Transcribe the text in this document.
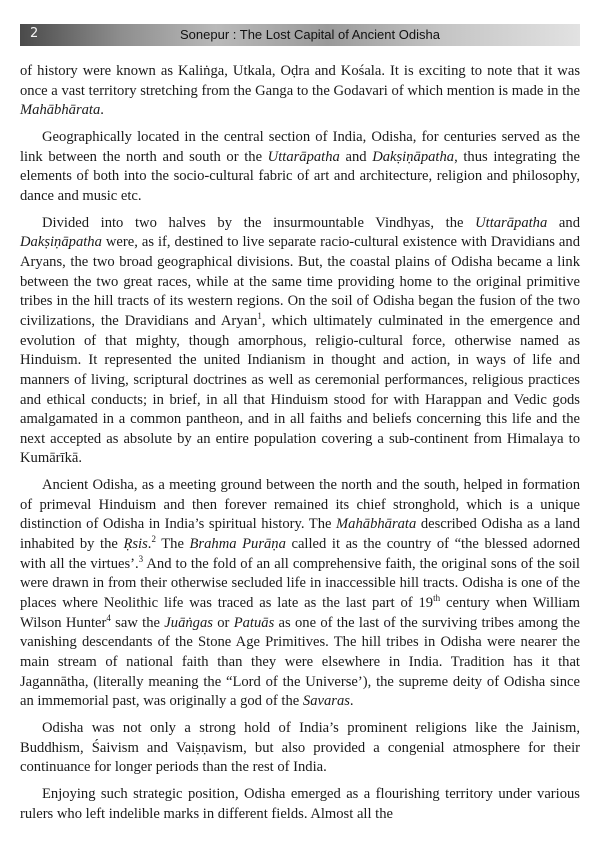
2	Sonepur : The Lost Capital of Ancient Odisha

of history were known as Kaliṅga, Utkala, Oḍra and Kośala. It is exciting to note that it was once a vast territory stretching from the Ganga to the Godavari of which mention is made in the Mahābhārata.

Geographically located in the central section of India, Odisha, for centuries served as the link between the north and south or the Uttarāpatha and Dakṣiṇāpatha, thus integrating the elements of both into the socio-cultural fabric of art and architecture, religion and philosophy, dance and music etc.

Divided into two halves by the insurmountable Vindhyas, the Uttarāpatha and Dakṣiṇāpatha were, as if, destined to live separate racio-cultural existence with Dravidians and Aryans, the two broad geographical divisions. But, the coastal plains of Odisha became a link between the two great races, while at the same time providing home to the original primitive tribes in the hill tracts of its western regions. On the soil of Odisha began the fusion of the two civilizations, the Dravidians and Aryan$^1$, which ultimately culminated in the emergence and evolution of that mighty, though amorphous, religio-cultural force, otherwise named as Hinduism. It represented the united Indianism in thought and action, in ways of life and manners of living, scriptural doctrines as well as ceremonial performances, religious practices and ethical conducts; in brief, in all that Hinduism stood for with Harappan and Vedic gods amalgamated in a common pantheon, and in all faiths and beliefs concerning this life and the next accepted as absolute by an entire population covering a sub-continent from Himalaya to Kumārīkā.

Ancient Odisha, as a meeting ground between the north and the south, helped in formation of primeval Hinduism and then forever remained its chief stronghold, which is a unique distinction of Odisha in India’s spiritual history. The Mahābhārata described Odisha as a land inhabited by the Ṛsis.$^2$ The Brahma Purāṇa called it as the country of “the blessed adorned with all the virtues’.$^3$ And to the fold of an all comprehensive faith, the original sons of the soil were drawn in from their otherwise secluded life in inaccessible hill tracts. Odisha is one of the places where Neolithic life was traced as late as the last part of 19th century when William Wilson Hunter$^4$ saw the Juāṅgas or Patuās as one of the last of the surviving tribes among the vanishing descendants of the Stone Age Primitives. The hill tribes in Odisha were nearer the main stream of national faith than they were elsewhere in India. Tradition has it that Jagannātha, (literally meaning the “Lord of the Universe’), the supreme deity of Odisha since an immemorial past, was originally a god of the Savaras.

Odisha was not only a strong hold of India’s prominent religions like the Jainism, Buddhism, Śaivism and Vaiṣṇavism, but also provided a congenial atmosphere for their continuance for longer periods than the rest of India.

Enjoying such strategic position, Odisha emerged as a flourishing territory under various rulers who left indelible marks in different fields. Almost all the
